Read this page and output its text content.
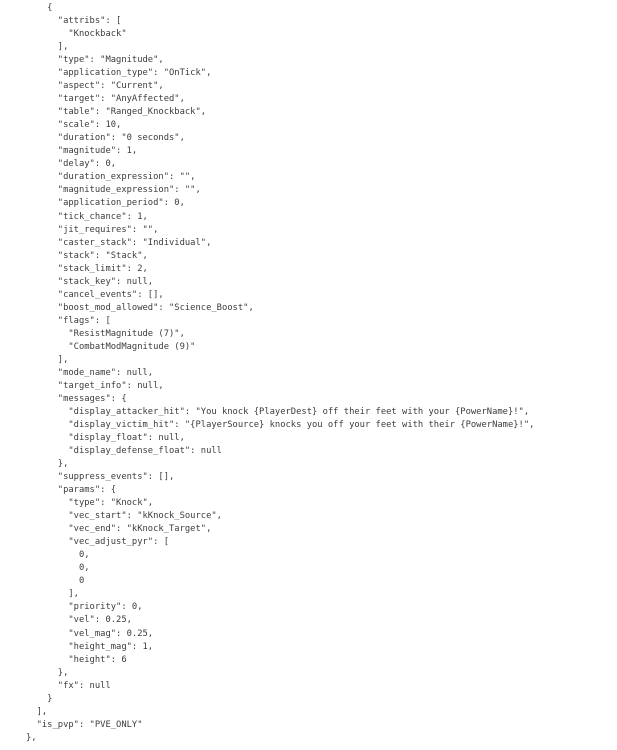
{
"attribs": [
"Knockback"
],
"type": "Magnitude",
"application_type": "OnTick",
"aspect": "Current",
"target": "AnyAffected",
"table": "Ranged_Knockback",
"scale": 10,
"duration": "0 seconds",
"magnitude": 1,
"delay": 0,
"duration_expression": "",
"magnitude_expression": "",
"application_period": 0,
"tick_chance": 1,
"jit_requires": "",
"caster_stack": "Individual",
"stack": "Stack",
"stack_limit": 2,
"stack_key": null,
"cancel_events": [],
"boost_mod_allowed": "Science_Boost",
"flags": [
"ResistMagnitude (7)",
"CombatModMagnitude (9)"
],
"mode_name": null,
"target_info": null,
"messages": {
"display_attacker_hit": "You knock {PlayerDest} off their feet with your {PowerName}!",
"display_victim_hit": "{PlayerSource} knocks you off your feet with their {PowerName}!",
"display_float": null,
"display_defense_float": null
},
"suppress_events": [],
"params": {
"type": "Knock",
"vec_start": "kKnock_Source",
"vec_end": "kKnock_Target",
"vec_adjust_pyr": [
0,
0,
0
],
"priority": 0,
"vel": 0.25,
"vel_mag": 0.25,
"height_mag": 1,
"height": 6
},
"fx": null
}
],
"is_pvp": "PVE_ONLY"
},
